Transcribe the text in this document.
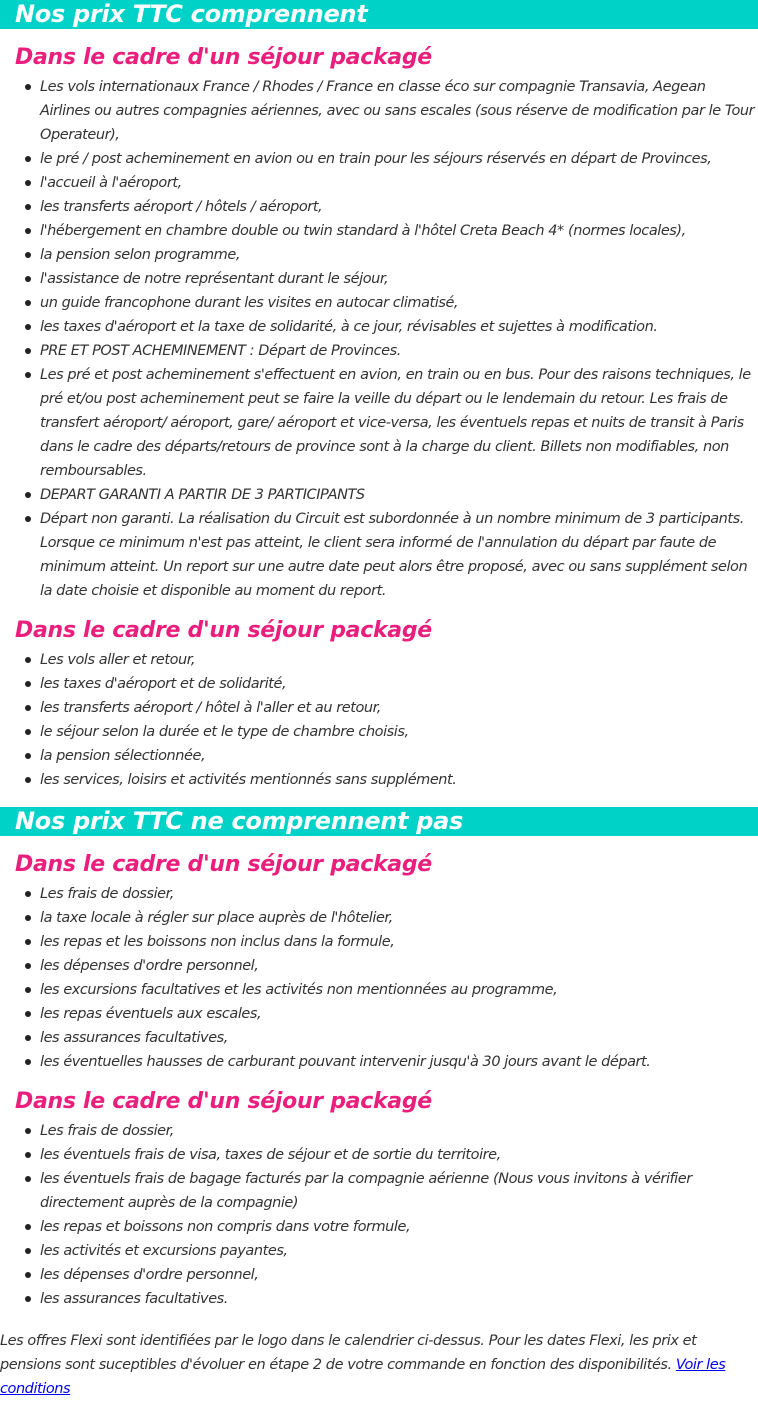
Nos prix TTC comprennent
Dans le cadre d'un séjour packagé
Les vols internationaux France / Rhodes / France en classe éco sur compagnie Transavia, Aegean Airlines ou autres compagnies aériennes, avec ou sans escales (sous réserve de modification par le Tour Operateur),
le pré / post acheminement en avion ou en train pour les séjours réservés en départ de Provinces,
l'accueil à l'aéroport,
les transferts aéroport / hôtels / aéroport,
l'hébergement en chambre double ou twin standard à l'hôtel Creta Beach 4* (normes locales),
la pension selon programme,
l'assistance de notre représentant durant le séjour,
un guide francophone durant les visites en autocar climatisé,
les taxes d'aéroport et la taxe de solidarité, à ce jour, révisables et sujettes à modification.
PRE ET POST ACHEMINEMENT : Départ de Provinces.
Les pré et post acheminement s'effectuent en avion, en train ou en bus. Pour des raisons techniques, le pré et/ou post acheminement peut se faire la veille du départ ou le lendemain du retour. Les frais de transfert aéroport/ aéroport, gare/ aéroport et vice-versa, les éventuels repas et nuits de transit à Paris dans le cadre des départs/retours de province sont à la charge du client. Billets non modifiables, non remboursables.
DEPART GARANTI A PARTIR DE 3 PARTICIPANTS
Départ non garanti. La réalisation du Circuit est subordonnée à un nombre minimum de 3 participants. Lorsque ce minimum n'est pas atteint, le client sera informé de l'annulation du départ par faute de minimum atteint. Un report sur une autre date peut alors être proposé, avec ou sans supplément selon la date choisie et disponible au moment du report.
Dans le cadre d'un séjour packagé
Les vols aller et retour,
les taxes d'aéroport et de solidarité,
les transferts aéroport / hôtel à l'aller et au retour,
le séjour selon la durée et le type de chambre choisis,
la pension sélectionnée,
les services, loisirs et activités mentionnés sans supplément.
Nos prix TTC ne comprennent pas
Dans le cadre d'un séjour packagé
Les frais de dossier,
la taxe locale à régler sur place auprès de l'hôtelier,
les repas et les boissons non inclus dans la formule,
les dépenses d'ordre personnel,
les excursions facultatives et les activités non mentionnées au programme,
les repas éventuels aux escales,
les assurances facultatives,
les éventuelles hausses de carburant pouvant intervenir jusqu'à 30 jours avant le départ.
Dans le cadre d'un séjour packagé
Les frais de dossier,
les éventuels frais de visa, taxes de séjour et de sortie du territoire,
les éventuels frais de bagage facturés par la compagnie aérienne (Nous vous invitons à vérifier directement auprès de la compagnie)
les repas et boissons non compris dans votre formule,
les activités et excursions payantes,
les dépenses d'ordre personnel,
les assurances facultatives.

Les offres Flexi sont identifiées par le logo dans le calendrier ci-dessus. Pour les dates Flexi, les prix et pensions sont suceptibles d'évoluer en étape 2 de votre commande en fonction des disponibilités. Voir les conditions
